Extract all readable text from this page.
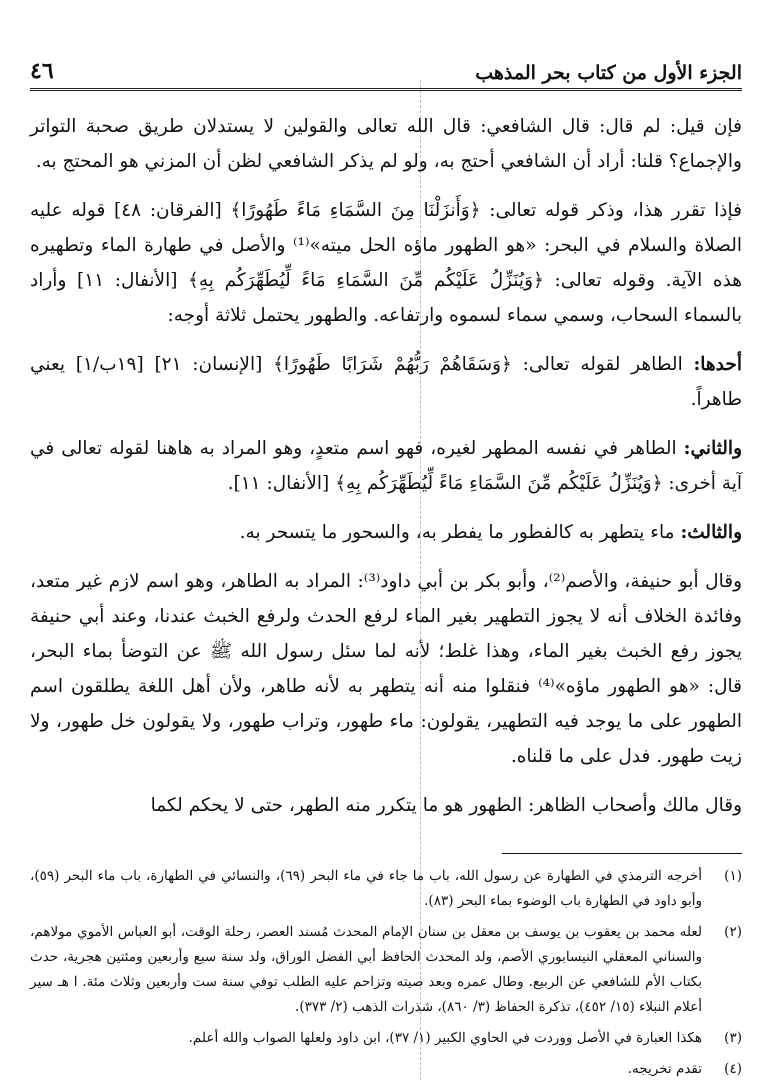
الجزء الأول من كتاب بحر المذهب
٤٦

فإن قيل: لم قال: قال الشافعي: قال الله تعالى والقولين لا يستدلان طريق صحبة التواتر والإجماع؟ قلنا: أراد أن الشافعي أحتج به، ولو لم يذكر الشافعي لظن أن المزني هو المحتج به.

فإذا تقرر هذا، وذكر قوله تعالى: ﴿وَأَنزَلْنَا مِنَ السَّمَاءِ مَاءً طَهُورًا﴾ [الفرقان: ٤٨] قوله عليه الصلاة والسلام في البحر: «هو الطهور ماؤه الحل ميته»⁽¹⁾ والأصل في طهارة الماء وتطهيره هذه الآية. وقوله تعالى: ﴿وَيُنَزِّلُ عَلَيْكُم مِّنَ السَّمَاءِ مَاءً لِّيُطَهِّرَكُم بِهِ﴾ [الأنفال: ١١] وأراد بالسماء السحاب، وسمي سماء لسموه وارتفاعه. والطهور يحتمل ثلاثة أوجه:

أحدها: الطاهر لقوله تعالى: ﴿وَسَقَاهُمْ رَبُّهُمْ شَرَابًا طَهُورًا﴾ [الإنسان: ٢١] [١٩ب/١] يعني طاهراً.

والثاني: الطاهر في نفسه المطهر لغيره، فهو اسم متعدٍ، وهو المراد به هاهنا لقوله تعالى في آية أخرى: ﴿وَيُنَزِّلُ عَلَيْكُم مِّنَ السَّمَاءِ مَاءً لِّيُطَهِّرَكُم بِهِ﴾ [الأنفال: ١١].

والثالث: ماء يتطهر به كالفطور ما يفطر به، والسحور ما يتسحر به.

وقال أبو حنيفة، والأصم⁽²⁾، وأبو بكر بن أبي داود⁽³⁾: المراد به الطاهر، وهو اسم لازم غير متعد، وفائدة الخلاف أنه لا يجوز التطهير بغير الماء لرفع الحدث ولرفع الخبث عندنا، وعند أبي حنيفة يجوز رفع الخبث بغير الماء، وهذا غلط؛ لأنه لما سئل رسول الله ﷺ عن التوضأ بماء البحر، قال: «هو الطهور ماؤه»⁽⁴⁾ فنقلوا منه أنه يتطهر به لأنه طاهر، ولأن أهل اللغة يطلقون اسم الطهور على ما يوجد فيه التطهير، يقولون: ماء طهور، وتراب طهور، ولا يقولون خل طهور، ولا زيت طهور. فدل على ما قلناه.

وقال مالك وأصحاب الظاهر: الطهور هو ما يتكرر منه الطهر، حتى لا يحكم لكما

(١)
أخرجه الترمذي في الطهارة عن رسول الله، باب ما جاء في ماء البحر (٦٩)، والنسائي في الطهارة، باب ماء البحر (٥٩)، وأبو داود في الطهارة باب الوضوء بماء البحر (٨٣).
(٢)
لعله محمد بن يعقوب بن يوسف بن معقل بن سنان الإمام المحدث مُسند العصر، رحلة الوقت، أبو العباس الأموي مولاهم، والسناني المعقلي النيسابوري الأصم، ولد المحدث الحافظ أبي الفضل الوراق، ولد سنة سبع وأربعين ومئتين هجرية، حدث بكتاب الأم للشافعي عن الربيع. وطال عمره وبعد صيته وتزاحم عليه الطلب توفي سنة ست وأربعين وثلاث مئة. ا هـ سير أعلام النبلاء (١٥/ ٤٥٢)، تذكرة الحفاظ (٣/ ٨٦٠)، شذرات الذهب (٢/ ٣٧٣).
(٣)
هكذا العبارة في الأصل ووردت في الحاوي الكبير (١/ ٣٧)، ابن داود ولعلها الصواب والله أعلم.
(٤)
تقدم تخريجه.
